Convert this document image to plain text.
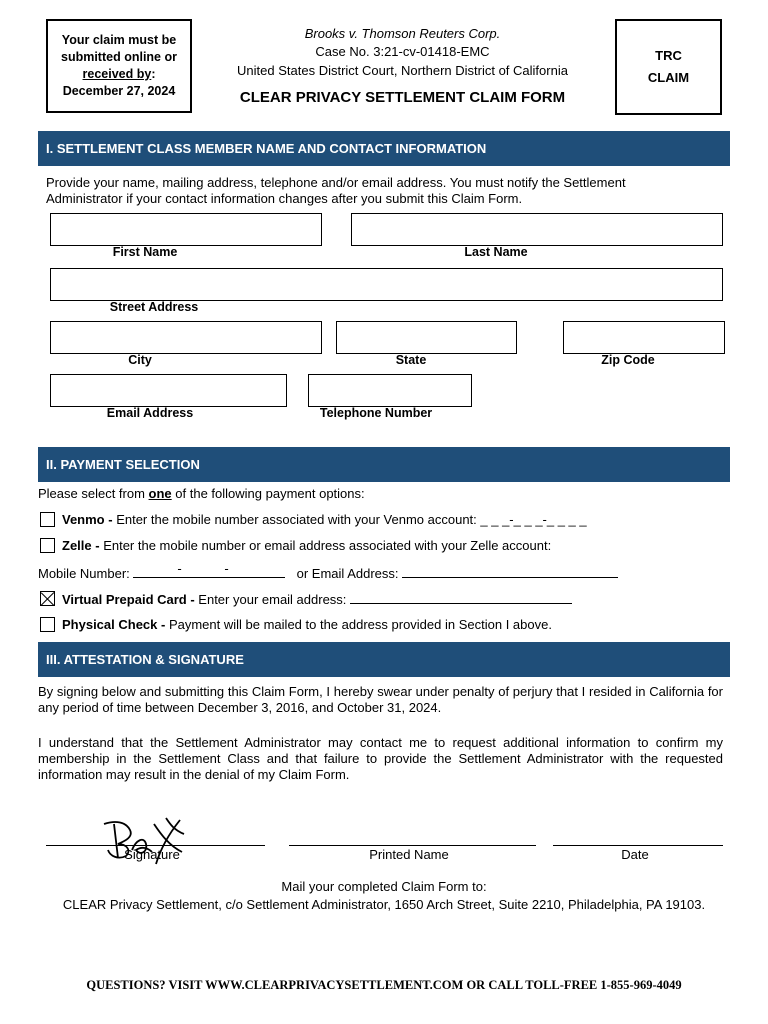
Your claim must be
submitted online or
received by:
December 27, 2024
Brooks v. Thomson Reuters Corp.
Case No. 3:21-cv-01418-EMC
United States District Court, Northern District of California
CLEAR PRIVACY SETTLEMENT CLAIM FORM
TRC
CLAIM
I. SETTLEMENT CLASS MEMBER NAME AND CONTACT INFORMATION
Provide your name, mailing address, telephone and/or email address. You must notify the Settlement Administrator if your contact information changes after you submit this Claim Form.
First Name	Last Name
Street Address
City	State	Zip Code
Email Address	Telephone Number
II. PAYMENT SELECTION
Please select from one of the following payment options:
Venmo - Enter the mobile number associated with your Venmo account: _ _ _-_ _ _-_ _ _ _
Zelle - Enter the mobile number or email address associated with your Zelle account:
Mobile Number:	-	-	or Email Address:
Virtual Prepaid Card - Enter your email address:
Physical Check - Payment will be mailed to the address provided in Section I above.
III. ATTESTATION & SIGNATURE
By signing below and submitting this Claim Form, I hereby swear under penalty of perjury that I resided in California for any period of time between December 3, 2016, and October 31, 2024.
I understand that the Settlement Administrator may contact me to request additional information to confirm my membership in the Settlement Class and that failure to provide the Settlement Administrator with the requested information may result in the denial of my Claim Form.
Signature	Printed Name	Date
Mail your completed Claim Form to:
CLEAR Privacy Settlement, c/o Settlement Administrator, 1650 Arch Street, Suite 2210, Philadelphia, PA 19103.
QUESTIONS? VISIT WWW.CLEARPRIVACYSETTLEMENT.COM OR CALL TOLL-FREE 1-855-969-4049
